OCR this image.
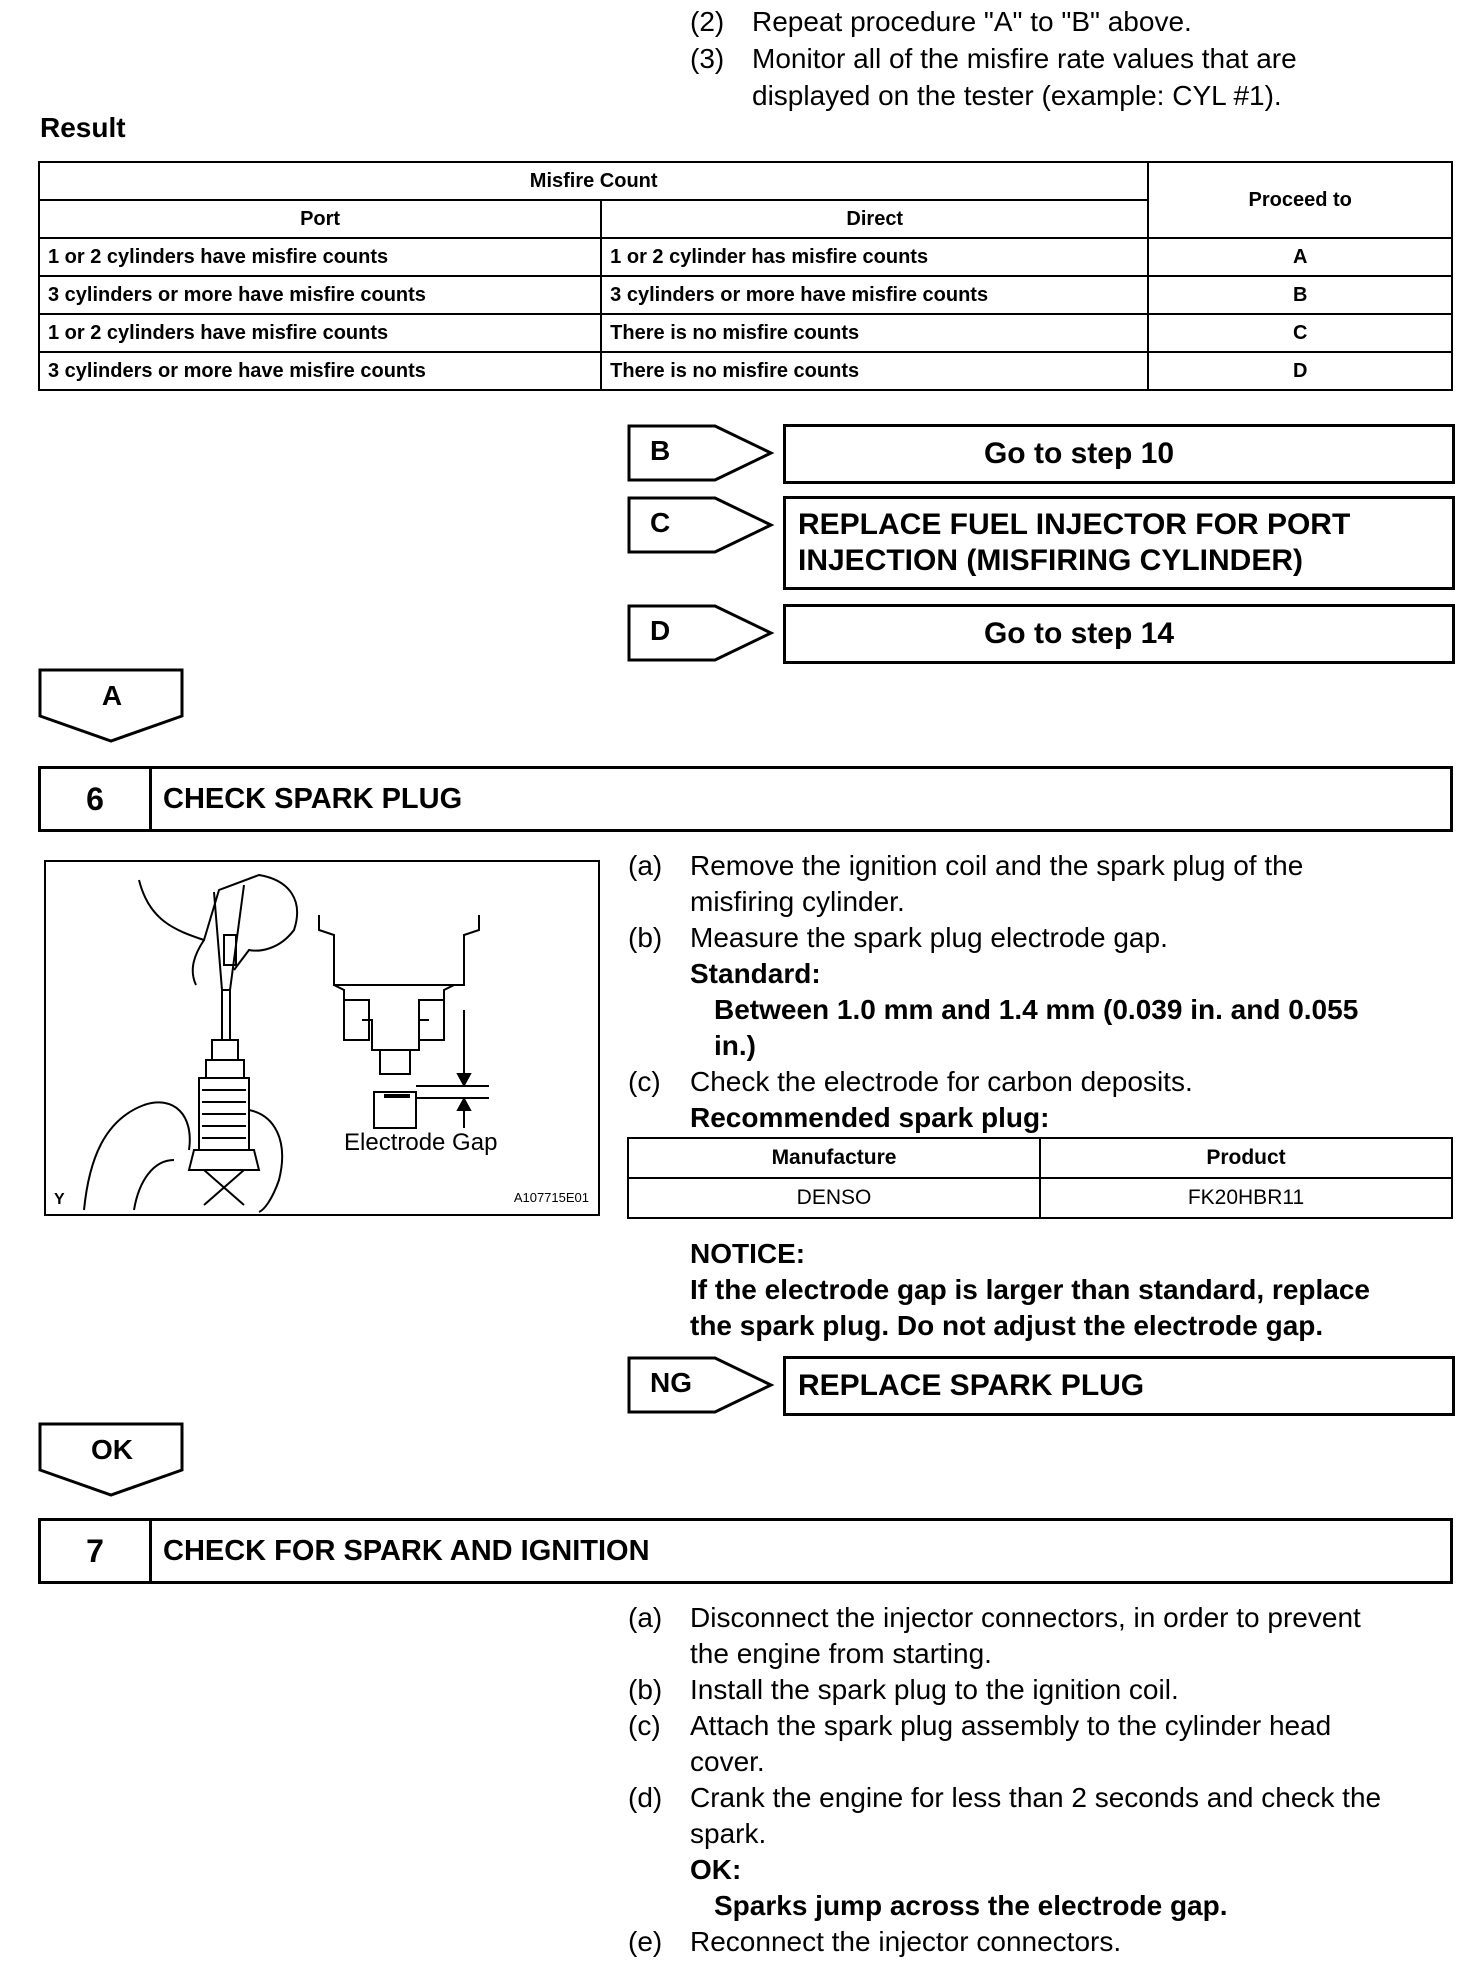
(2) Repeat procedure "A" to "B" above.
(3) Monitor all of the misfire rate values that are
displayed on the tester (example: CYL #1).
Result
Misfire Count		Proceed to
Port	Direct	
1 or 2 cylinders have misfire counts	1 or 2 cylinder has misfire counts	A
3 cylinders or more have misfire counts	3 cylinders or more have misfire counts	B
1 or 2 cylinders have misfire counts	There is no misfire counts	C
3 cylinders or more have misfire counts	There is no misfire counts	D
B	Go to step 10
C	REPLACE FUEL INJECTOR FOR PORT
INJECTION (MISFIRING CYLINDER)
D	Go to step 14
A
6	CHECK SPARK PLUG
Electrode Gap
Y	A107715E01
(a) Remove the ignition coil and the spark plug of the
misfiring cylinder.
(b) Measure the spark plug electrode gap.
Standard:
Between 1.0 mm and 1.4 mm (0.039 in. and 0.055
in.)
(c)	Check the electrode for carbon deposits.
Recommended spark plug:
Manufacture	Product
DENSO	FK20HBR11
NOTICE:
If the electrode gap is larger than standard, replace
the spark plug. Do not adjust the electrode gap.
NG	REPLACE SPARK PLUG
OK
7	CHECK FOR SPARK AND IGNITION
(a) Disconnect the injector connectors, in order to prevent
the engine from starting.
(b) Install the spark plug to the ignition coil.
(c)	Attach the spark plug assembly to the cylinder head
cover.
(d) Crank the engine for less than 2 seconds and check the
spark.
OK:
Sparks jump across the electrode gap.
(e) Reconnect the injector connectors.
